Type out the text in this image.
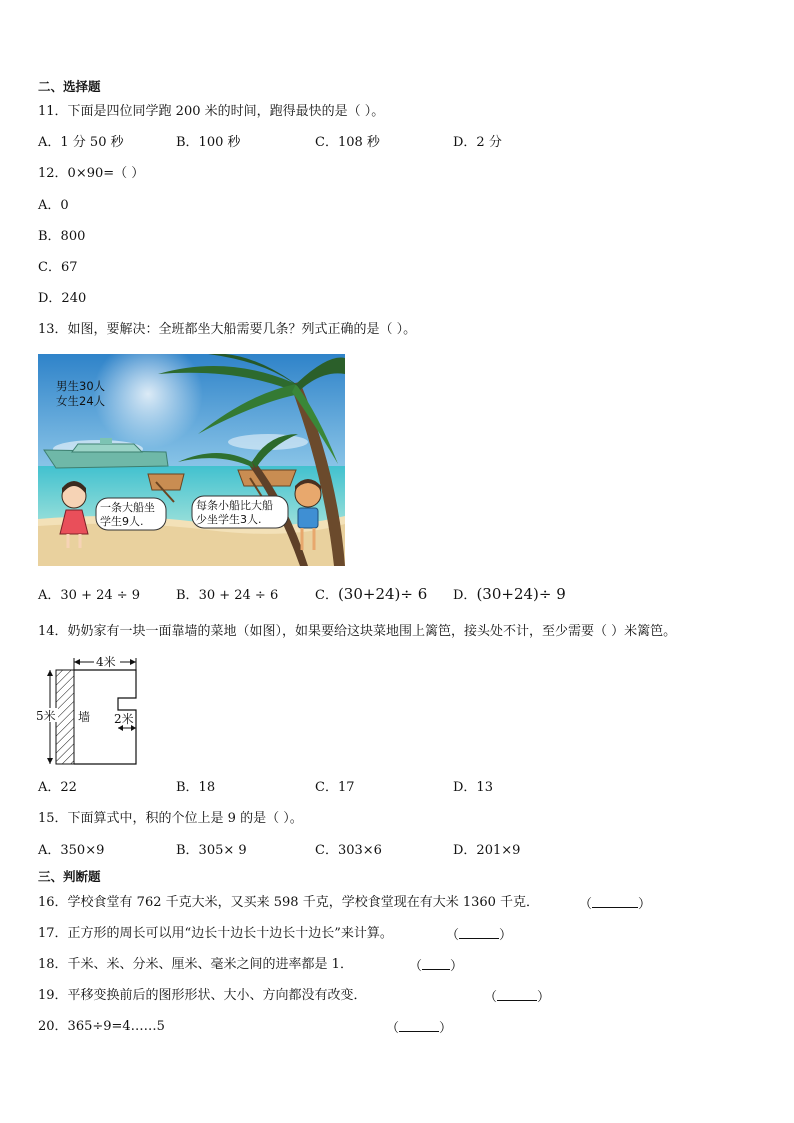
二、选择题
11．下面是四位同学跑 200 米的时间，跑得最快的是（ ）。
A．1 分 50 秒	B．100 秒	C．108 秒	D．2 分
12．0×90=（ ）
A．0
B．800
C．67
D．240
13．如图，要解决：全班都坐大船需要几条？列式正确的是（ ）。
男生30人
女生24人
一条大船坐
学生9人.
每条小船比大船
少坐学生3人.
A．30 + 24 ÷ 9	B．30 + 24 ÷ 6	C．(30+24)÷ 6 D．(30+24)÷ 9
14．奶奶家有一块一面靠墙的菜地（如图），如果要给这块菜地围上篱笆，接头处不计，至少需要（ ）米篱笆。
4米
5米	2米
墙
A．22	B．18	C．17	D．13
15．下面算式中，积的个位上是 9 的是（ ）。
A．350×9	B．305× 9	C．303×6	D．201×9
三、判断题
16．学校食堂有 762 千克大米，又买来 598 千克，学校食堂现在有大米 1360 千克．	（	）
17．正方形的周长可以用“边长十边长十边长十边长”来计算。	（	）
18．千米、米、分米、厘米、毫米之间的进率都是 1．	（ ）
19．平移变换前后的图形形状、大小、方向都没有改变．	（	）
20．365÷9=4……5	（	）
